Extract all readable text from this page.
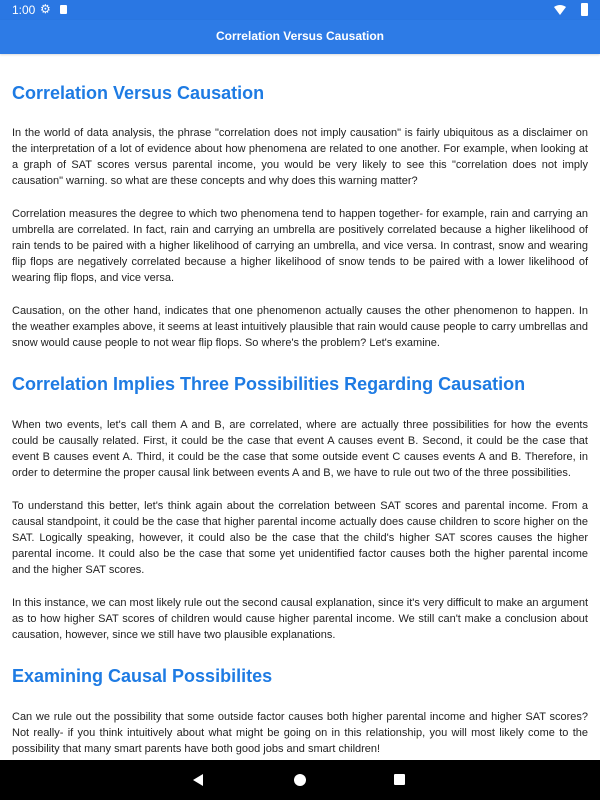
1:00 ⚙
Correlation Versus Causation
Correlation Versus Causation

In the world of data analysis, the phrase "correlation does not imply causation" is fairly ubiquitous as a disclaimer on the interpretation of a lot of evidence about how phenomena are related to one another. For example, when looking at a graph of SAT scores versus parental income, you would be very likely to see this "correlation does not imply causation" warning. so what are these concepts and why does this warning matter?

Correlation measures the degree to which two phenomena tend to happen together- for example, rain and carrying an umbrella are correlated. In fact, rain and carrying an umbrella are positively correlated because a higher likelihood of rain tends to be paired with a higher likelihood of carrying an umbrella, and vice versa. In contrast, snow and wearing flip flops are negatively correlated because a higher likelihood of snow tends to be paired with a lower likelihood of wearing flip flops, and vice versa.

Causation, on the other hand, indicates that one phenomenon actually causes the other phenomenon to happen. In the weather examples above, it seems at least intuitively plausible that rain would cause people to carry umbrellas and snow would cause people to not wear flip flops. So where's the problem? Let's examine.

Correlation Implies Three Possibilities Regarding Causation

When two events, let's call them A and B, are correlated, where are actually three possibilities for how the events could be causally related. First, it could be the case that event A causes event B. Second, it could be the case that event B causes event A. Third, it could be the case that some outside event C causes events A and B. Therefore, in order to determine the proper causal link between events A and B, we have to rule out two of the three possibilities.

To understand this better, let's think again about the correlation between SAT scores and parental income. From a causal standpoint, it could be the case that higher parental income actually does cause children to score higher on the SAT. Logically speaking, however, it could also be the case that the child's higher SAT scores causes the higher parental income. It could also be the case that some yet unidentified factor causes both the higher parental income and the higher SAT scores.

In this instance, we can most likely rule out the second causal explanation, since it's very difficult to make an argument as to how higher SAT scores of children would cause higher parental income. We still can't make a conclusion about causation, however, since we still have two plausible explanations.

Examining Causal Possibilites

Can we rule out the possibility that some outside factor causes both higher parental income and higher SAT scores? Not really- if you think intuitively about what might be going on in this relationship, you will most likely come to the possibility that many smart parents have both good jobs and smart children!
